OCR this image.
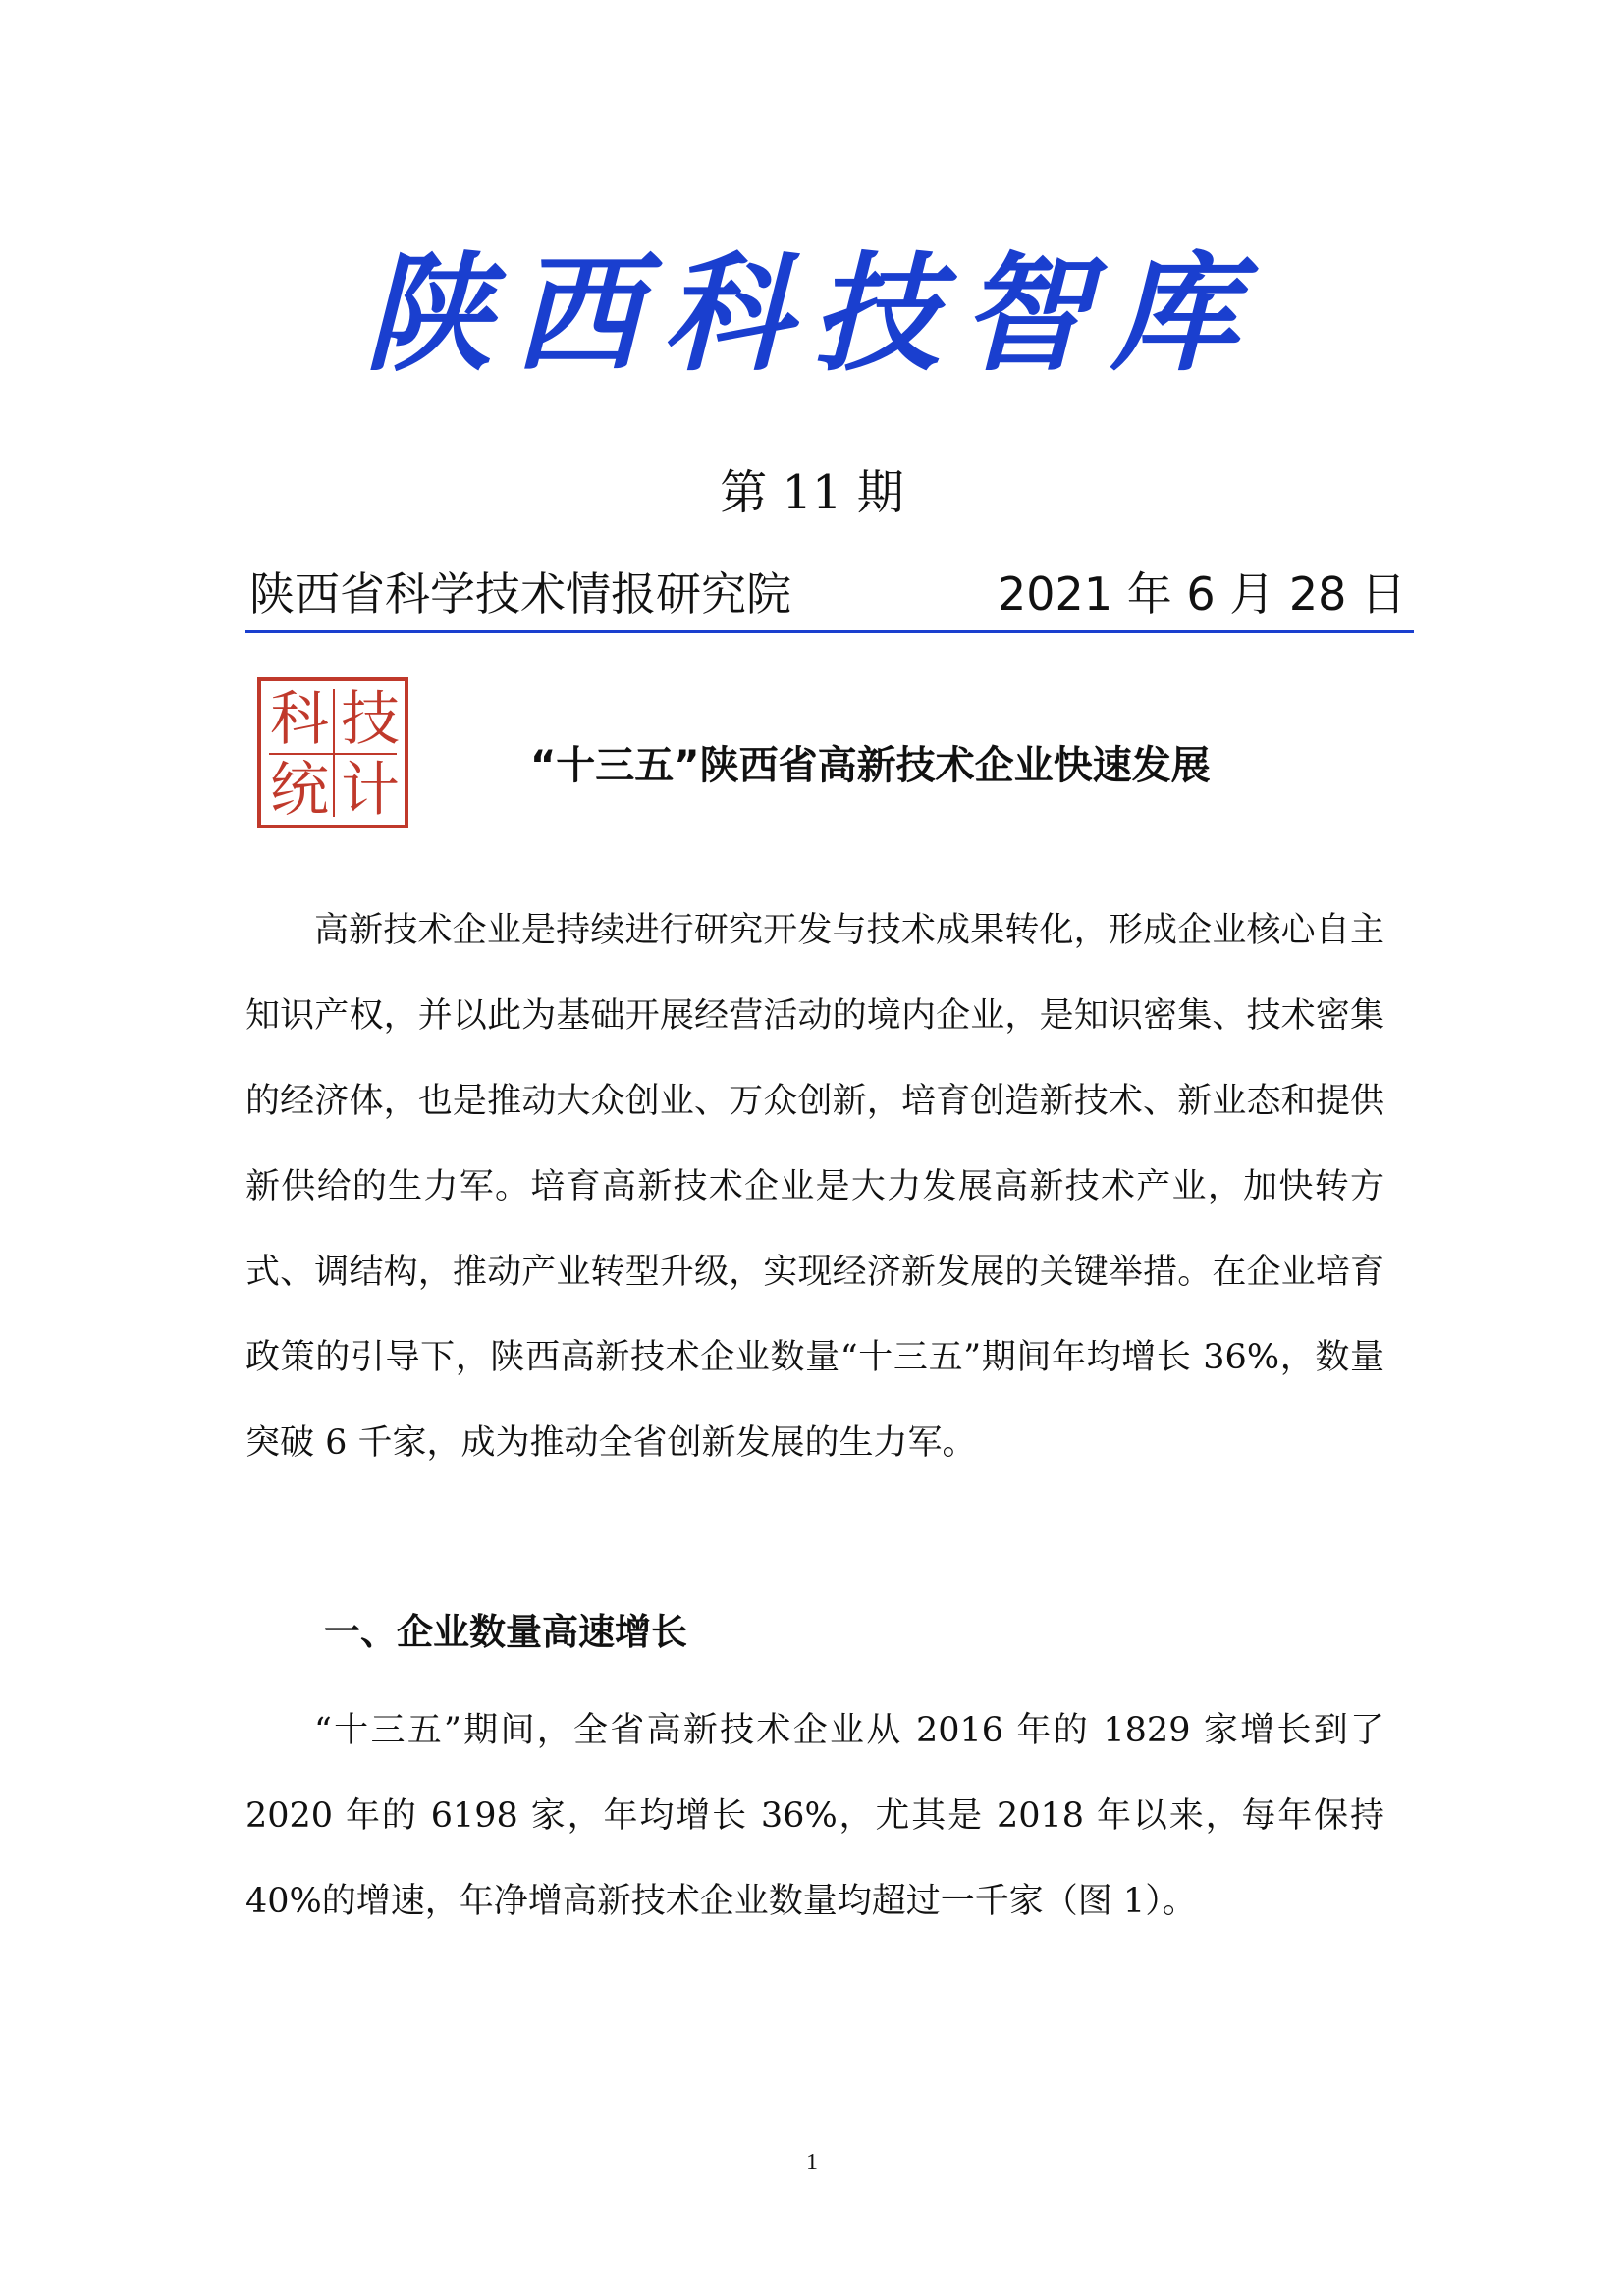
陕西科技智库
第 11 期
陕西省科学技术情报研究院	2021 年 6 月 28 日
科 技
统 计	“十三五”陕西省高新技术企业快速发展

高新技术企业是持续进行研究开发与技术成果转化，形成企业核心自主知识产权，并以此为基础开展经营活动的境内企业，是知识密集、技术密集的经济体，也是推动大众创业、万众创新，培育创造新技术、新业态和提供新供给的生力军。培育高新技术企业是大力发展高新技术产业，加快转方式、调结构，推动产业转型升级，实现经济新发展的关键举措。在企业培育政策的引导下，陕西高新技术企业数量“十三五”期间年均增长 36%，数量突破 6 千家，成为推动全省创新发展的生力军。

一、企业数量高速增长

“十三五”期间，全省高新技术企业从 2016 年的 1829 家增长到了 2020 年的 6198 家，年均增长 36%，尤其是 2018 年以来，每年保持 40%的增速，年净增高新技术企业数量均超过一千家（图 1）。

1
